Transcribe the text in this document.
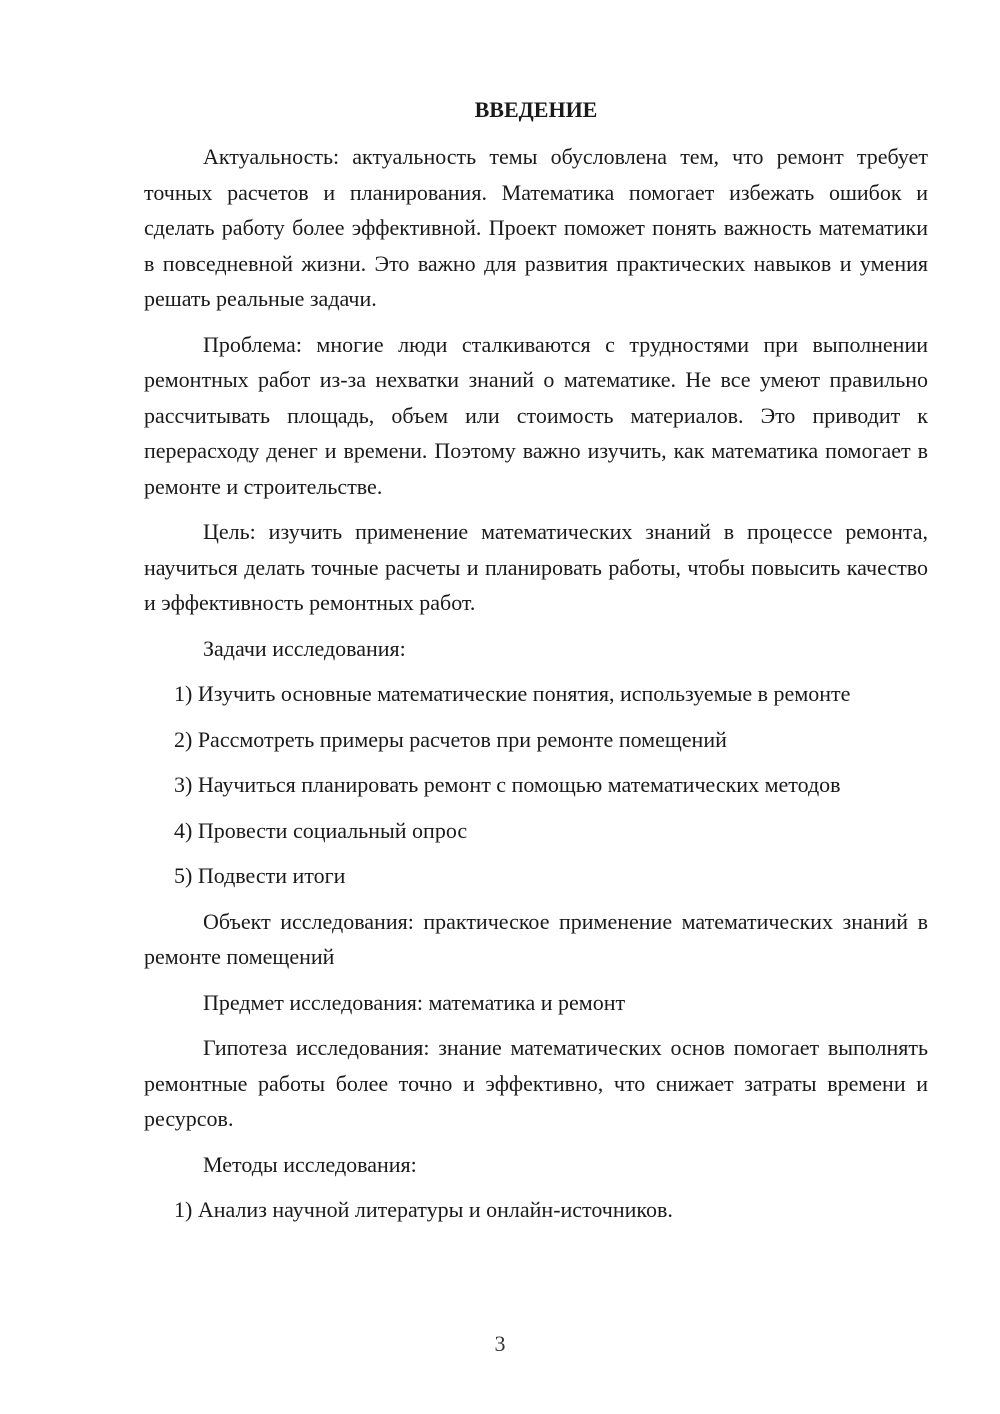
ВВЕДЕНИЕ

Актуальность: актуальность темы обусловлена тем, что ремонт требует точных расчетов и планирования. Математика помогает избежать ошибок и сделать работу более эффективной. Проект поможет понять важность математики в повседневной жизни. Это важно для развития практических навыков и умения решать реальные задачи.

Проблема: многие люди сталкиваются с трудностями при выполнении ремонтных работ из-за нехватки знаний о математике. Не все умеют правильно рассчитывать площадь, объем или стоимость материалов. Это приводит к перерасходу денег и времени. Поэтому важно изучить, как математика помогает в ремонте и строительстве.

Цель: изучить применение математических знаний в процессе ремонта, научиться делать точные расчеты и планировать работы, чтобы повысить качество и эффективность ремонтных работ.

Задачи исследования:

1) Изучить основные математические понятия, используемые в ремонте

2) Рассмотреть примеры расчетов при ремонте помещений

3) Научиться планировать ремонт с помощью математических методов

4) Провести социальный опрос

5) Подвести итоги

Объект исследования: практическое применение математических знаний в ремонте помещений

Предмет исследования: математика и ремонт

Гипотеза исследования: знание математических основ помогает выполнять ремонтные работы более точно и эффективно, что снижает затраты времени и ресурсов.

Методы исследования:

1) Анализ научной литературы и онлайн-источников.

3
